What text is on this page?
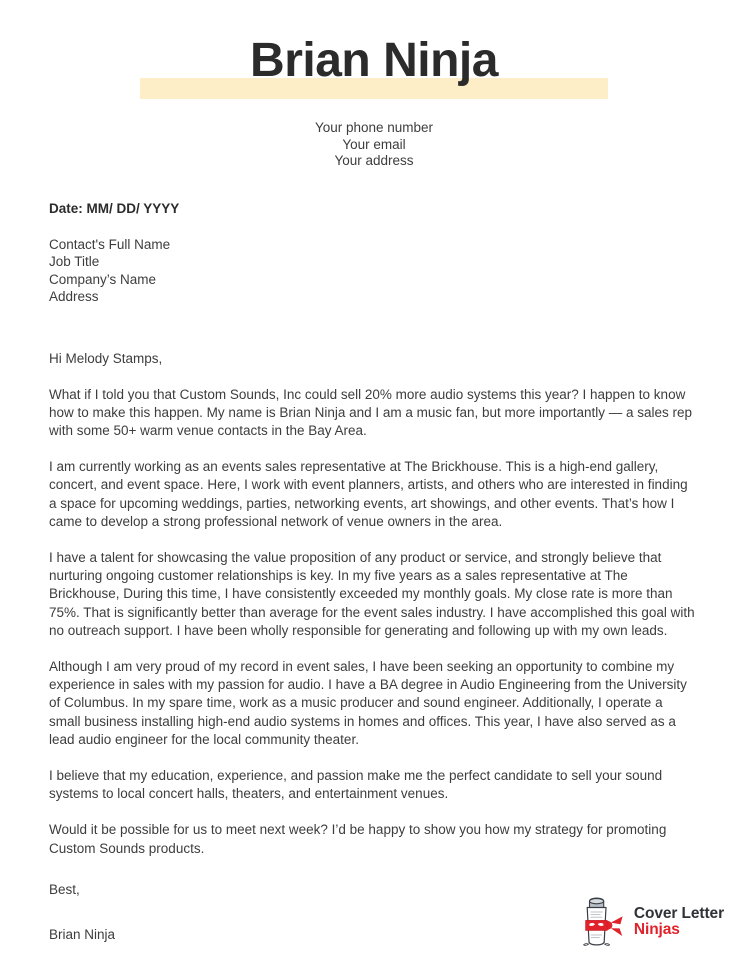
Brian Ninja
Your phone number
Your email
Your address
Date: MM/ DD/ YYYY
Contact's Full Name
Job Title
Company’s Name
Address
Hi Melody Stamps,

What if I told you that Custom Sounds, Inc could sell 20% more audio systems this year? I happen to know how to make this happen. My name is Brian Ninja and I am a music fan, but more importantly — a sales rep with some 50+ warm venue contacts in the Bay Area.

I am currently working as an events sales representative at The Brickhouse. This is a high-end gallery, concert, and event space. Here, I work with event planners, artists, and others who are interested in finding a space for upcoming weddings, parties, networking events, art showings, and other events. That’s how I came to develop a strong professional network of venue owners in the area.

I have a talent for showcasing the value proposition of any product or service, and strongly believe that nurturing ongoing customer relationships is key. In my five years as a sales representative at The Brickhouse, During this time, I have consistently exceeded my monthly goals. My close rate is more than 75%. That is significantly better than average for the event sales industry. I have accomplished this goal with no outreach support. I have been wholly responsible for generating and following up with my own leads.

Although I am very proud of my record in event sales, I have been seeking an opportunity to combine my experience in sales with my passion for audio. I have a BA degree in Audio Engineering from the University of Columbus. In my spare time, work as a music producer and sound engineer. Additionally, I operate a small business installing high-end audio systems in homes and offices. This year, I have also served as a lead audio engineer for the local community theater.

I believe that my education, experience, and passion make me the perfect candidate to sell your sound systems to local concert halls, theaters, and entertainment venues.

Would it be possible for us to meet next week? I’d be happy to show you how my strategy for promoting Custom Sounds products.

Best,
Brian Ninja
Cover Letter
Ninjas
